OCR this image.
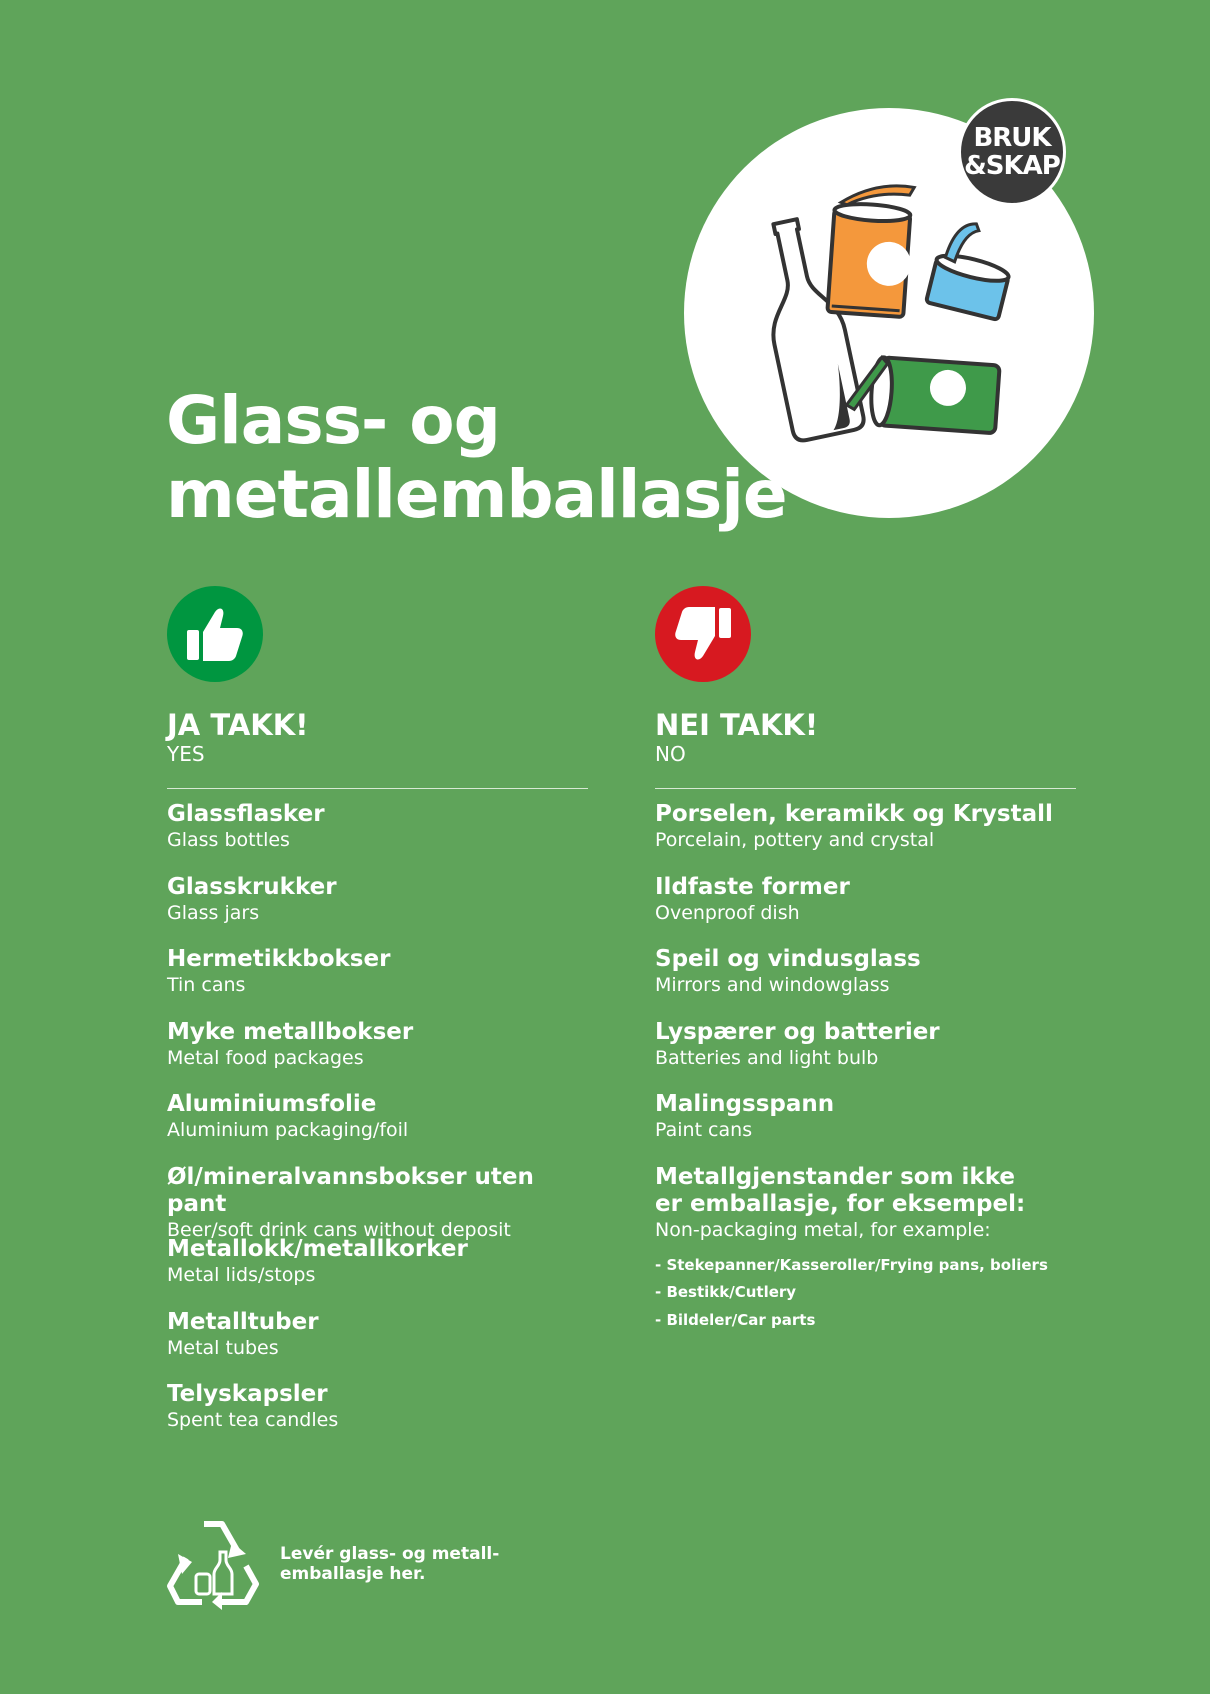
BRUK
&SKAP
Glass- og
metallemballasje
JA TAKK!
YES
Glassflasker
Glass bottles
Glasskrukker
Glass jars
Hermetikkbokser
Tin cans
Myke metallbokser
Metal food packages
Aluminiumsfolie
Aluminium packaging/foil
Øl/mineralvannsbokser uten pant
Beer/soft drink cans without deposit
Metallokk/metallkorker
Metal lids/stops
Metalltuber
Metal tubes
Telyskapsler
Spent tea candles
NEI TAKK!
NO
Porselen, keramikk og Krystall
Porcelain, pottery and crystal
Ildfaste former
Ovenproof dish
Speil og vindusglass
Mirrors and windowglass
Lyspærer og batterier
Batteries and light bulb
Malingsspann
Paint cans
Metallgjenstander som ikke
er emballasje, for eksempel:
Non-packaging metal, for example:
- Stekepanner/Kasseroller/Frying pans, boliers
- Bestikk/Cutlery
- Bildeler/Car parts
Levér glass- og metall-
emballasje her.
